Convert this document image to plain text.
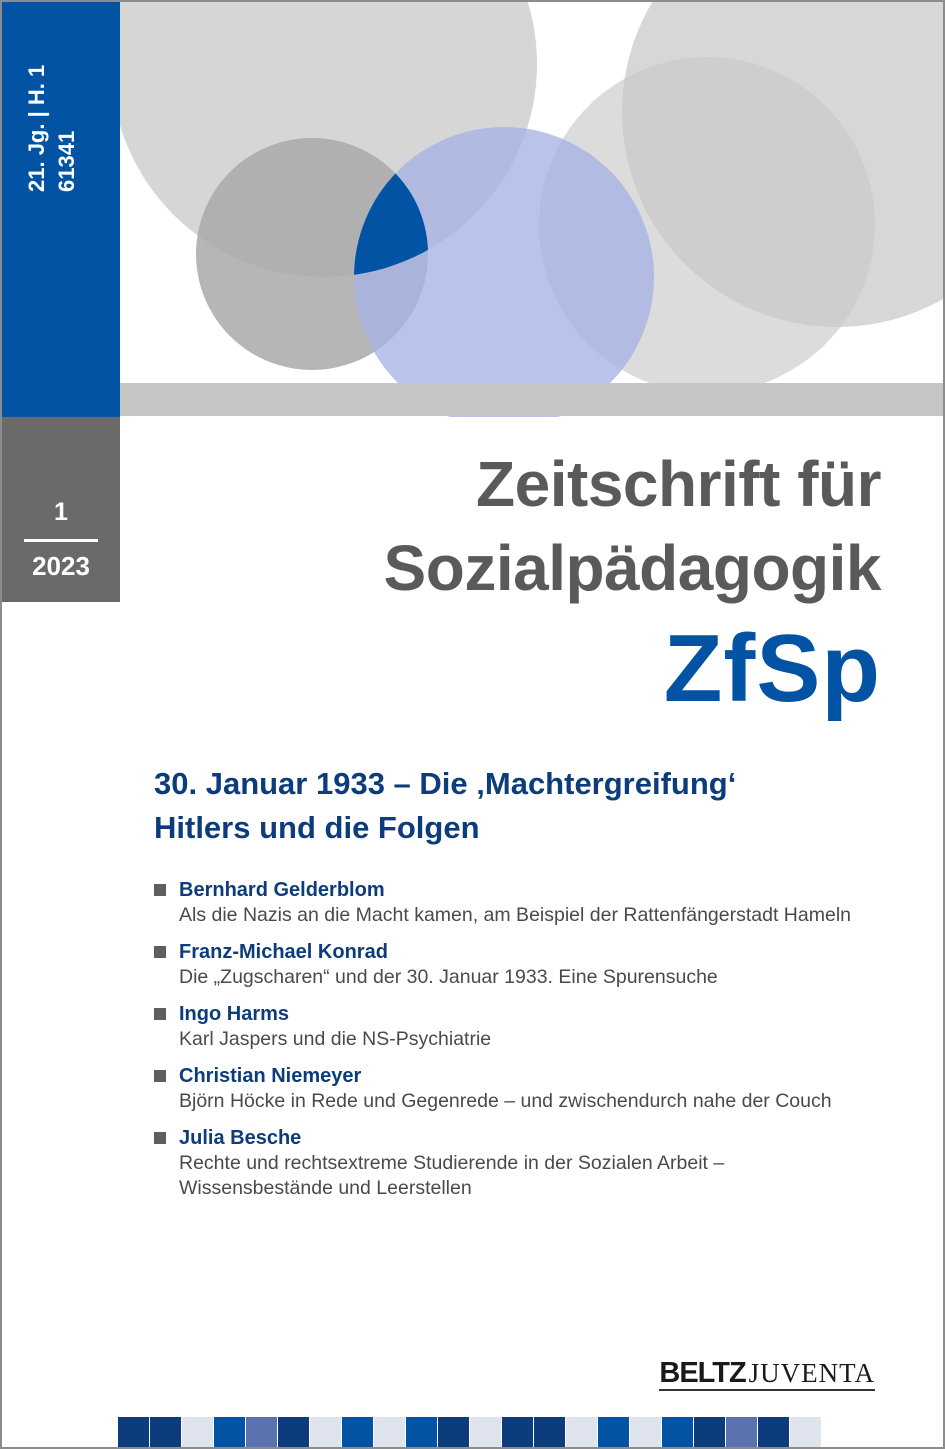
21. Jg. | H. 1 61341
1
2023
Zeitschrift für
Sozialpädagogik
ZfSp
30. Januar 1933 – Die ‚Machtergreifung‘
Hitlers und die Folgen
Bernhard Gelderblom
Als die Nazis an die Macht kamen, am Beispiel der Rattenfängerstadt Hameln
Franz-Michael Konrad
Die „Zugscharen“ und der 30. Januar 1933. Eine Spurensuche
Ingo Harms
Karl Jaspers und die NS-Psychiatrie
Christian Niemeyer
Björn Höcke in Rede und Gegenrede – und zwischendurch nahe der Couch
Julia Besche
Rechte und rechtsextreme Studierende in der Sozialen Arbeit –
Wissensbestände und Leerstellen
BELTZ JUVENTA
